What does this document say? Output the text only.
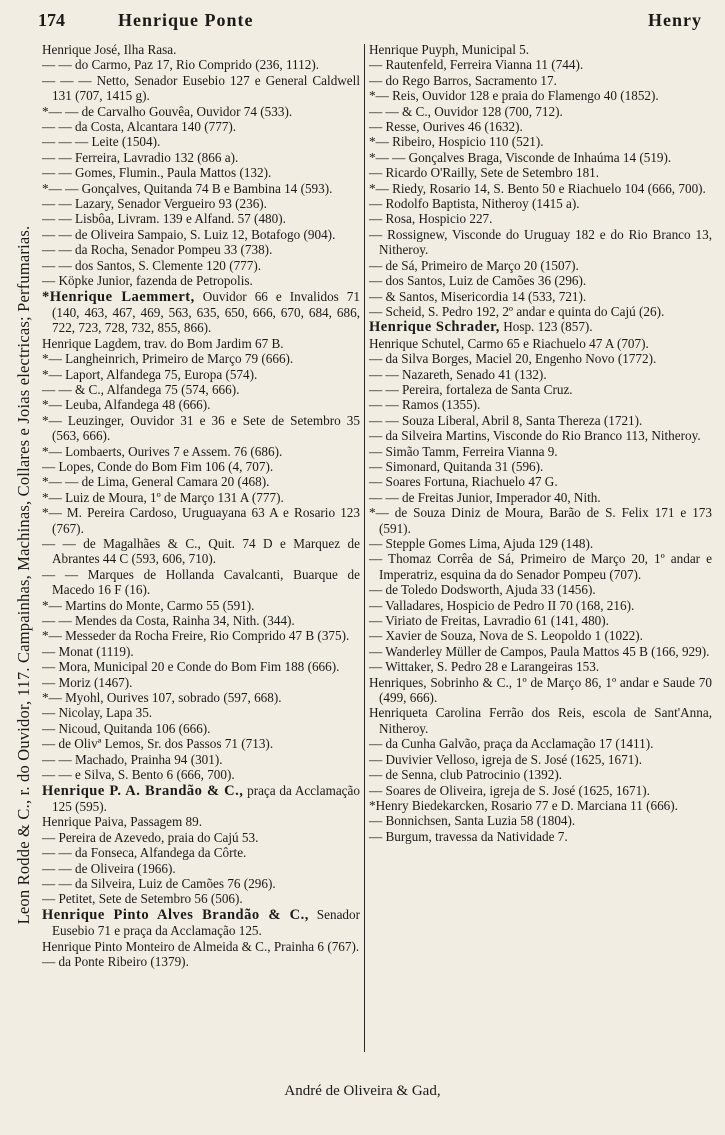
174	Henrique Ponte	Henry
Leon Rodde & C., r. do Ouvidor, 117. Campainhas, Machinas, Collares e Joias electricas; Perfumarias.

Henrique José, Ilha Rasa.

— — do Carmo, Paz 17, Rio Comprido (236, 1112).

— — — Netto, Senador Eusebio 127 e General Caldwell 131 (707, 1415 g).

*— — de Carvalho Gouvêa, Ouvidor 74 (533).

— — da Costa, Alcantara 140 (777).

— — — Leite (1504).

— — Ferreira, Lavradio 132 (866 a).

— — Gomes, Flumin., Paula Mattos (132).

*— — Gonçalves, Quitanda 74 B e Bambina 14 (593).

— — Lazary, Senador Vergueiro 93 (236).

— — Lisbôa, Livram. 139 e Alfand. 57 (480).

— — de Oliveira Sampaio, S. Luiz 12, Botafogo (904).

— — da Rocha, Senador Pompeu 33 (738).

— — dos Santos, S. Clemente 120 (777).

— Köpke Junior, fazenda de Petropolis.

*Henrique Laemmert, Ouvidor 66 e Invalidos 71 (140, 463, 467, 469, 563, 635, 650, 666, 670, 684, 686, 722, 723, 728, 732, 855, 866).

Henrique Lagdem, trav. do Bom Jardim 67 B.

*— Langheinrich, Primeiro de Março 79 (666).

*— Laport, Alfandega 75, Europa (574).

— — & C., Alfandega 75 (574, 666).

*— Leuba, Alfandega 48 (666).

*— Leuzinger, Ouvidor 31 e 36 e Sete de Setembro 35 (563, 666).

*— Lombaerts, Ourives 7 e Assem. 76 (686).

— Lopes, Conde do Bom Fim 106 (4, 707).

*— — de Lima, General Camara 20 (468).

*— Luiz de Moura, 1º de Março 131 A (777).

*— M. Pereira Cardoso, Uruguayana 63 A e Rosario 123 (767).

— — de Magalhães & C., Quit. 74 D e Marquez de Abrantes 44 C (593, 606, 710).

— — Marques de Hollanda Cavalcanti, Buarque de Macedo 16 F (16).

*— Martins do Monte, Carmo 55 (591).

— — Mendes da Costa, Rainha 34, Nith. (344).

*— Messeder da Rocha Freire, Rio Comprido 47 B (375).

— Monat (1119).

— Mora, Municipal 20 e Conde do Bom Fim 188 (666).

— Moriz (1467).

*— Myohl, Ourives 107, sobrado (597, 668).

— Nicolay, Lapa 35.

— Nicoud, Quitanda 106 (666).

— de Olivª Lemos, Sr. dos Passos 71 (713).

— — Machado, Prainha 94 (301).

— — e Silva, S. Bento 6 (666, 700).

Henrique P. A. Brandão & C., praça da Acclamação 125 (595).

Henrique Paiva, Passagem 89.

— Pereira de Azevedo, praia do Cajú 53.

— — da Fonseca, Alfandega da Côrte.

— — de Oliveira (1966).

— — da Silveira, Luiz de Camões 76 (296).

— Petitet, Sete de Setembro 56 (506).

Henrique Pinto Alves Brandão & C., Senador Eusebio 71 e praça da Acclamação 125.

Henrique Pinto Monteiro de Almeida & C., Prainha 6 (767).

— da Ponte Ribeiro (1379).

Henrique Puyph, Municipal 5.

— Rautenfeld, Ferreira Vianna 11 (744).

— do Rego Barros, Sacramento 17.

*— Reis, Ouvidor 128 e praia do Flamengo 40 (1852).

— — & C., Ouvidor 128 (700, 712).

— Resse, Ourives 46 (1632).

*— Ribeiro, Hospicio 110 (521).

*— — Gonçalves Braga, Visconde de Inhaúma 14 (519).

— Ricardo O'Railly, Sete de Setembro 181.

*— Riedy, Rosario 14, S. Bento 50 e Riachuelo 104 (666, 700).

— Rodolfo Baptista, Nitheroy (1415 a).

— Rosa, Hospicio 227.

— Rossignew, Visconde do Uruguay 182 e do Rio Branco 13, Nitheroy.

— de Sá, Primeiro de Março 20 (1507).

— dos Santos, Luiz de Camões 36 (296).

— & Santos, Misericordia 14 (533, 721).

— Scheid, S. Pedro 192, 2º andar e quinta do Cajú (26).

Henrique Schrader, Hosp. 123 (857).

Henrique Schutel, Carmo 65 e Riachuelo 47 A (707).

— da Silva Borges, Maciel 20, Engenho Novo (1772).

— — Nazareth, Senado 41 (132).

— — Pereira, fortaleza de Santa Cruz.

— — Ramos (1355).

— — Souza Liberal, Abril 8, Santa Thereza (1721).

— da Silveira Martins, Visconde do Rio Branco 113, Nitheroy.

— Simão Tamm, Ferreira Vianna 9.

— Simonard, Quitanda 31 (596).

— Soares Fortuna, Riachuelo 47 G.

— — de Freitas Junior, Imperador 40, Nith.

*— de Souza Diniz de Moura, Barão de S. Felix 171 e 173 (591).

— Stepple Gomes Lima, Ajuda 129 (148).

— Thomaz Corrêa de Sá, Primeiro de Março 20, 1º andar e Imperatriz, esquina da do Senador Pompeu (707).

— de Toledo Dodsworth, Ajuda 33 (1456).

— Valladares, Hospicio de Pedro II 70 (168, 216).

— Viriato de Freitas, Lavradio 61 (141, 480).

— Xavier de Souza, Nova de S. Leopoldo 1 (1022).

— Wanderley Müller de Campos, Paula Mattos 45 B (166, 929).

— Wittaker, S. Pedro 28 e Larangeiras 153.

Henriques, Sobrinho & C., 1º de Março 86, 1º andar e Saude 70 (499, 666).

Henriqueta Carolina Ferrão dos Reis, escola de Sant'Anna, Nitheroy.

— da Cunha Galvão, praça da Acclamação 17 (1411).

— Duvivier Velloso, igreja de S. José (1625, 1671).

— de Senna, club Patrocinio (1392).

— Soares de Oliveira, igreja de S. José (1625, 1671).

*Henry Biedekarcken, Rosario 77 e D. Marciana 11 (666).

— Bonnichsen, Santa Luzia 58 (1804).

— Burgum, travessa da Natividade 7.

André de Oliveira & Gad,
